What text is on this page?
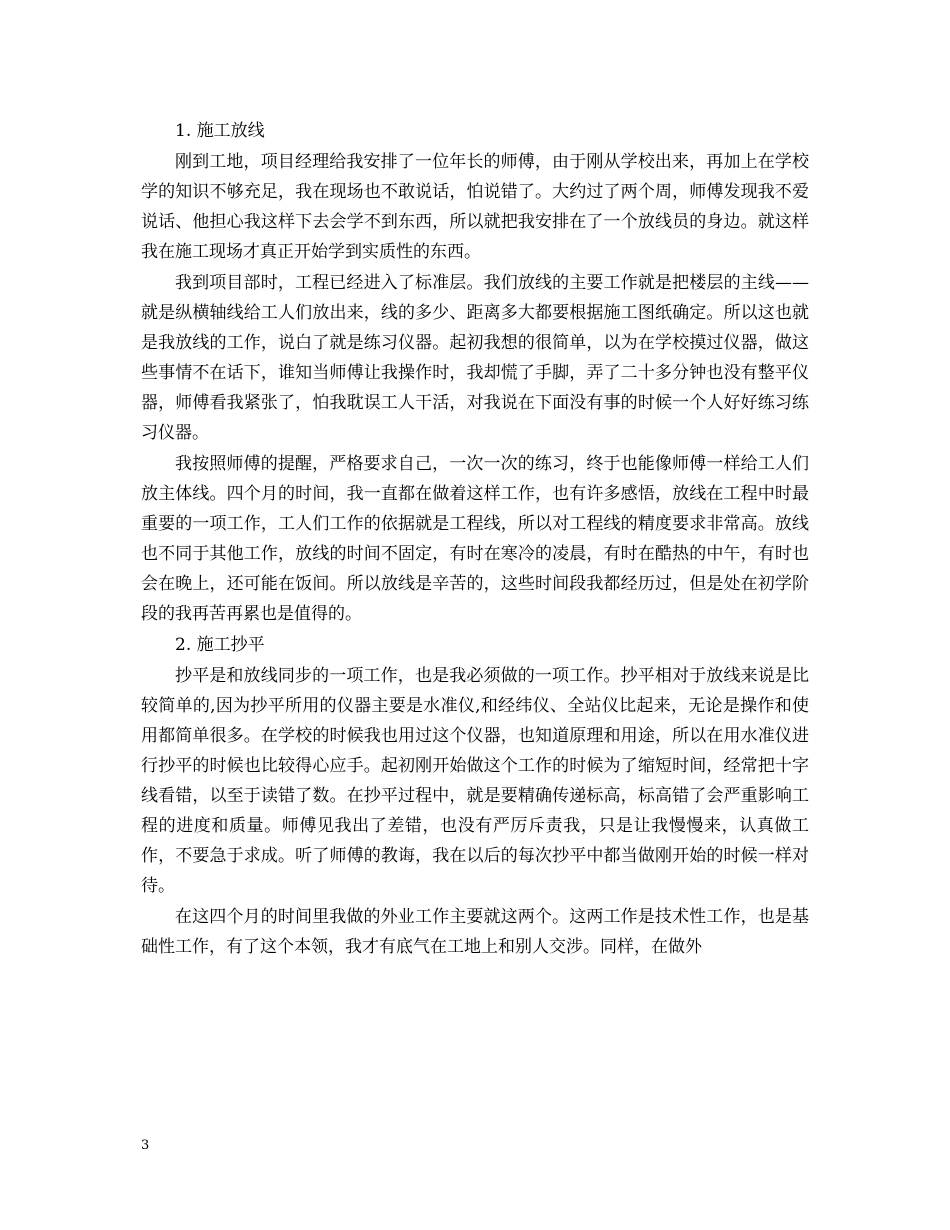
1. 施工放线

刚到工地，项目经理给我安排了一位年长的师傅，由于刚从学校出来，再加上在学校学的知识不够充足，我在现场也不敢说话，怕说错了。大约过了两个周，师傅发现我不爱说话、他担心我这样下去会学不到东西，所以就把我安排在了一个放线员的身边。就这样我在施工现场才真正开始学到实质性的东西。

我到项目部时，工程已经进入了标准层。我们放线的主要工作就是把楼层的主线——就是纵横轴线给工人们放出来，线的多少、距离多大都要根据施工图纸确定。所以这也就是我放线的工作，说白了就是练习仪器。起初我想的很简单，以为在学校摸过仪器，做这些事情不在话下，谁知当师傅让我操作时，我却慌了手脚，弄了二十多分钟也没有整平仪器，师傅看我紧张了，怕我耽误工人干活，对我说在下面没有事的时候一个人好好练习练习仪器。

我按照师傅的提醒，严格要求自己，一次一次的练习，终于也能像师傅一样给工人们放主体线。四个月的时间，我一直都在做着这样工作，也有许多感悟，放线在工程中时最重要的一项工作，工人们工作的依据就是工程线，所以对工程线的精度要求非常高。放线也不同于其他工作，放线的时间不固定，有时在寒冷的凌晨，有时在酷热的中午，有时也会在晚上，还可能在饭间。所以放线是辛苦的，这些时间段我都经历过，但是处在初学阶段的我再苦再累也是值得的。

2. 施工抄平

抄平是和放线同步的一项工作，也是我必须做的一项工作。抄平相对于放线来说是比较简单的,因为抄平所用的仪器主要是水准仪,和经纬仪、全站仪比起来，无论是操作和使用都简单很多。在学校的时候我也用过这个仪器，也知道原理和用途，所以在用水准仪进行抄平的时候也比较得心应手。起初刚开始做这个工作的时候为了缩短时间，经常把十字线看错，以至于读错了数。在抄平过程中，就是要精确传递标高，标高错了会严重影响工程的进度和质量。师傅见我出了差错，也没有严厉斥责我，只是让我慢慢来，认真做工作，不要急于求成。听了师傅的教诲，我在以后的每次抄平中都当做刚开始的时候一样对待。

在这四个月的时间里我做的外业工作主要就这两个。这两工作是技术性工作，也是基础性工作，有了这个本领，我才有底气在工地上和别人交涉。同样，在做外

3
